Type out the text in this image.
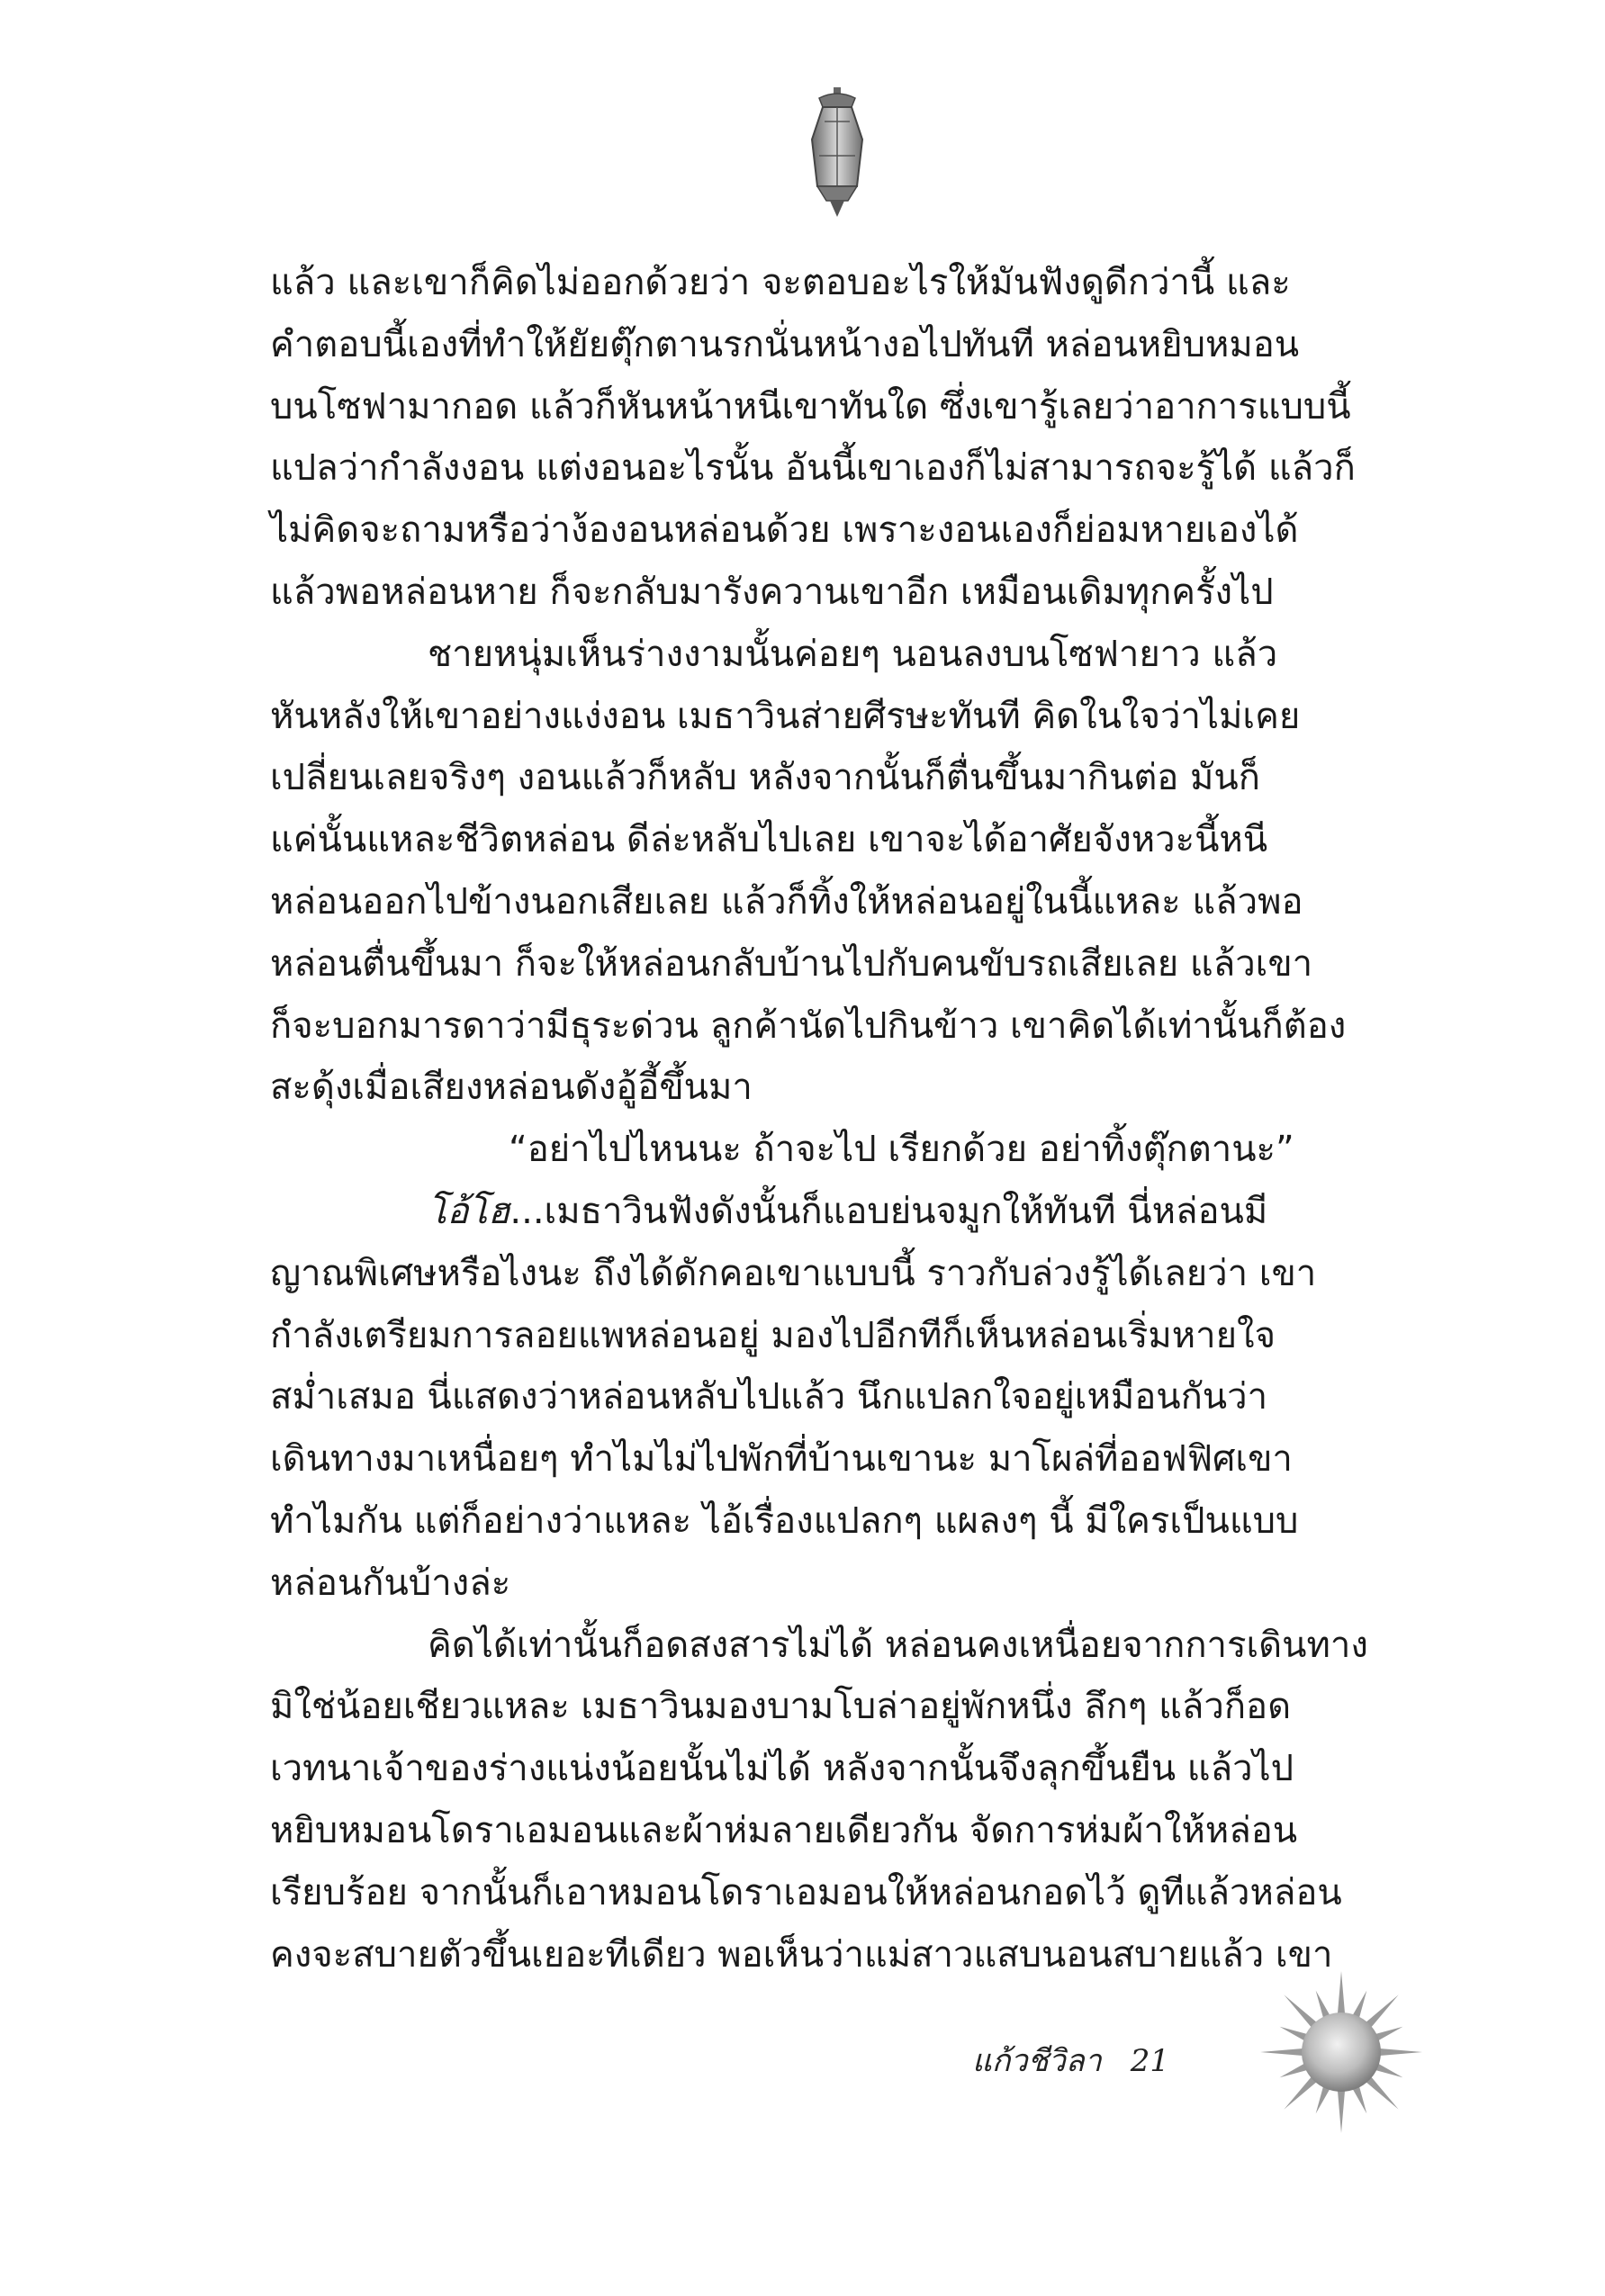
แล้ว และเขาก็คิดไม่ออกด้วยว่า จะตอบอะไรให้มันฟังดูดีกว่านี้ และ
คำตอบนี้เองที่ทำให้ยัยตุ๊กตานรกนั่นหน้างอไปทันที หล่อนหยิบหมอน
บนโซฟามากอด แล้วก็หันหน้าหนีเขาทันใด ซึ่งเขารู้เลยว่าอาการแบบนี้
แปลว่ากำลังงอน แต่งอนอะไรนั้น อันนี้เขาเองก็ไม่สามารถจะรู้ได้ แล้วก็
ไม่คิดจะถามหรือว่าง้องอนหล่อนด้วย เพราะงอนเองก็ย่อมหายเองได้
แล้วพอหล่อนหาย ก็จะกลับมารังควานเขาอีก เหมือนเดิมทุกครั้งไป
ชายหนุ่มเห็นร่างงามนั้นค่อยๆ นอนลงบนโซฟายาว แล้ว
หันหลังให้เขาอย่างแง่งอน เมธาวินส่ายศีรษะทันที คิดในใจว่าไม่เคย
เปลี่ยนเลยจริงๆ งอนแล้วก็หลับ หลังจากนั้นก็ตื่นขึ้นมากินต่อ มันก็
แค่นั้นแหละชีวิตหล่อน ดีล่ะหลับไปเลย เขาจะได้อาศัยจังหวะนี้หนี
หล่อนออกไปข้างนอกเสียเลย แล้วก็ทิ้งให้หล่อนอยู่ในนี้แหละ แล้วพอ
หล่อนตื่นขึ้นมา ก็จะให้หล่อนกลับบ้านไปกับคนขับรถเสียเลย แล้วเขา
ก็จะบอกมารดาว่ามีธุระด่วน ลูกค้านัดไปกินข้าว เขาคิดได้เท่านั้นก็ต้อง
สะดุ้งเมื่อเสียงหล่อนดังอู้อี้ขึ้นมา
“อย่าไปไหนนะ ถ้าจะไป เรียกด้วย อย่าทิ้งตุ๊กตานะ”
โอ้โฮ...เมธาวินฟังดังนั้นก็แอบย่นจมูกให้ทันที นี่หล่อนมี
ญาณพิเศษหรือไงนะ ถึงได้ดักคอเขาแบบนี้ ราวกับล่วงรู้ได้เลยว่า เขา
กำลังเตรียมการลอยแพหล่อนอยู่ มองไปอีกทีก็เห็นหล่อนเริ่มหายใจ
สม่ำเสมอ นี่แสดงว่าหล่อนหลับไปแล้ว นึกแปลกใจอยู่เหมือนกันว่า
เดินทางมาเหนื่อยๆ ทำไมไม่ไปพักที่บ้านเขานะ มาโผล่ที่ออฟฟิศเขา
ทำไมกัน แต่ก็อย่างว่าแหละ ไอ้เรื่องแปลกๆ แผลงๆ นี้ มีใครเป็นแบบ
หล่อนกันบ้างล่ะ
คิดได้เท่านั้นก็อดสงสารไม่ได้ หล่อนคงเหนื่อยจากการเดินทาง
มิใช่น้อยเชียวแหละ เมธาวินมองบามโบล่าอยู่พักหนึ่ง ลึกๆ แล้วก็อด
เวทนาเจ้าของร่างแน่งน้อยนั้นไม่ได้ หลังจากนั้นจึงลุกขึ้นยืน แล้วไป
หยิบหมอนโดราเอมอนและผ้าห่มลายเดียวกัน จัดการห่มผ้าให้หล่อน
เรียบร้อย จากนั้นก็เอาหมอนโดราเอมอนให้หล่อนกอดไว้ ดูทีแล้วหล่อน
คงจะสบายตัวขึ้นเยอะทีเดียว พอเห็นว่าแม่สาวแสบนอนสบายแล้ว เขา
แก้วชีวิลา 21
